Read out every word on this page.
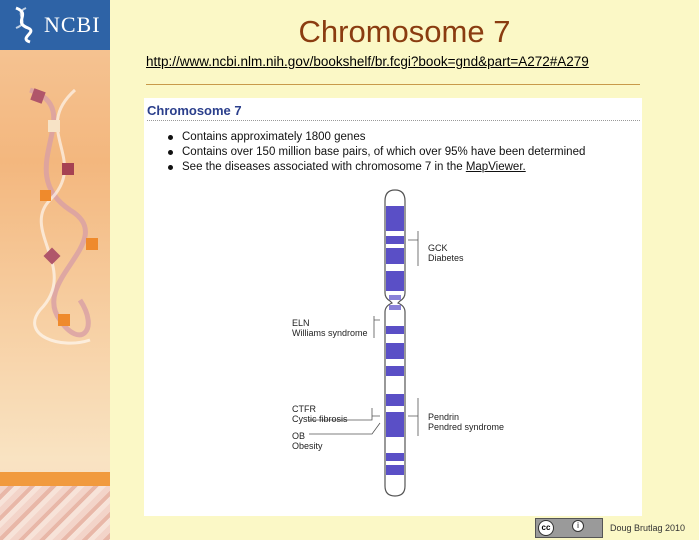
NCBI	Chromosome 7
http://www.ncbi.nlm.nih.gov/bookshelf/br.fcgi?book=gnd&part=A272#A279
Chromosome 7
Contains approximately 1800 genes
Contains over 150 million base pairs, of which over 95% have been determined
See the diseases associated with chromosome 7 in the MapViewer.
GCK
Diabetes
ELN
Williams syndrome
CTFR
Cystic fibrosis
OB
Obesity
Pendrin
Pendred syndrome
cc	i	Doug Brutlag 2010
